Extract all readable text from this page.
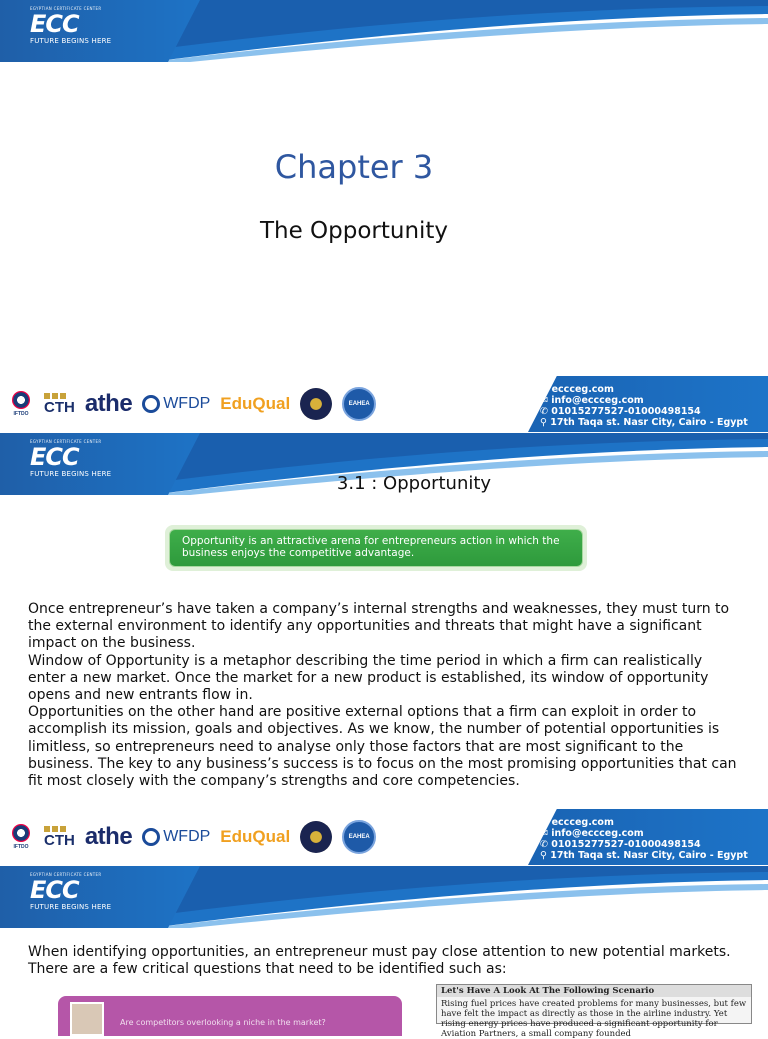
EGYPTIAN CERTIFICATE CENTER
ECC
FUTURE BEGINS HERE
Chapter 3
The Opportunity
IFTDO	CTH athe WFDP EduQual	EAHEA
◎ eccceg.com
✉ info@eccceg.com
✆ 01015277527-01000498154
⚲ 17th Taqa st. Nasr City, Cairo - Egypt
EGYPTIAN CERTIFICATE CENTER
ECC
FUTURE BEGINS HERE	3.1 : Opportunity
Opportunity is an attractive arena for entrepreneurs action in which the business enjoys the competitive advantage.

Once entrepreneur’s have taken a company’s internal strengths and weaknesses, they must turn to the external environment to identify any opportunities and threats that might have a significant impact on the business.

Window of Opportunity is a metaphor describing the time period in which a firm can realistically enter a new market. Once the market for a new product is established, its window of opportunity opens and new entrants flow in.

Opportunities on the other hand are positive external options that a firm can exploit in order to accomplish its mission, goals and objectives. As we know, the number of potential opportunities is limitless, so entrepreneurs need to analyse only those factors that are most significant to the business. The key to any business’s success is to focus on the most promising opportunities that can fit most closely with the company’s strengths and core competencies.

IFTDO	CTH athe WFDP EduQual	EAHEA
◎ eccceg.com
✉ info@eccceg.com
✆ 01015277527-01000498154
⚲ 17th Taqa st. Nasr City, Cairo - Egypt
EGYPTIAN CERTIFICATE CENTER
ECC
FUTURE BEGINS HERE
When identifying opportunities, an entrepreneur must pay close attention to new potential markets. There are a few critical questions that need to be identified such as:
Are competitors overlooking a niche in the market?
Let's Have A Look At The Following Scenario
Rising fuel prices have created problems for many businesses, but few have felt the impact as directly as those in the airline industry. Yet rising energy prices have produced a significant opportunity for Aviation Partners, a small company founded
